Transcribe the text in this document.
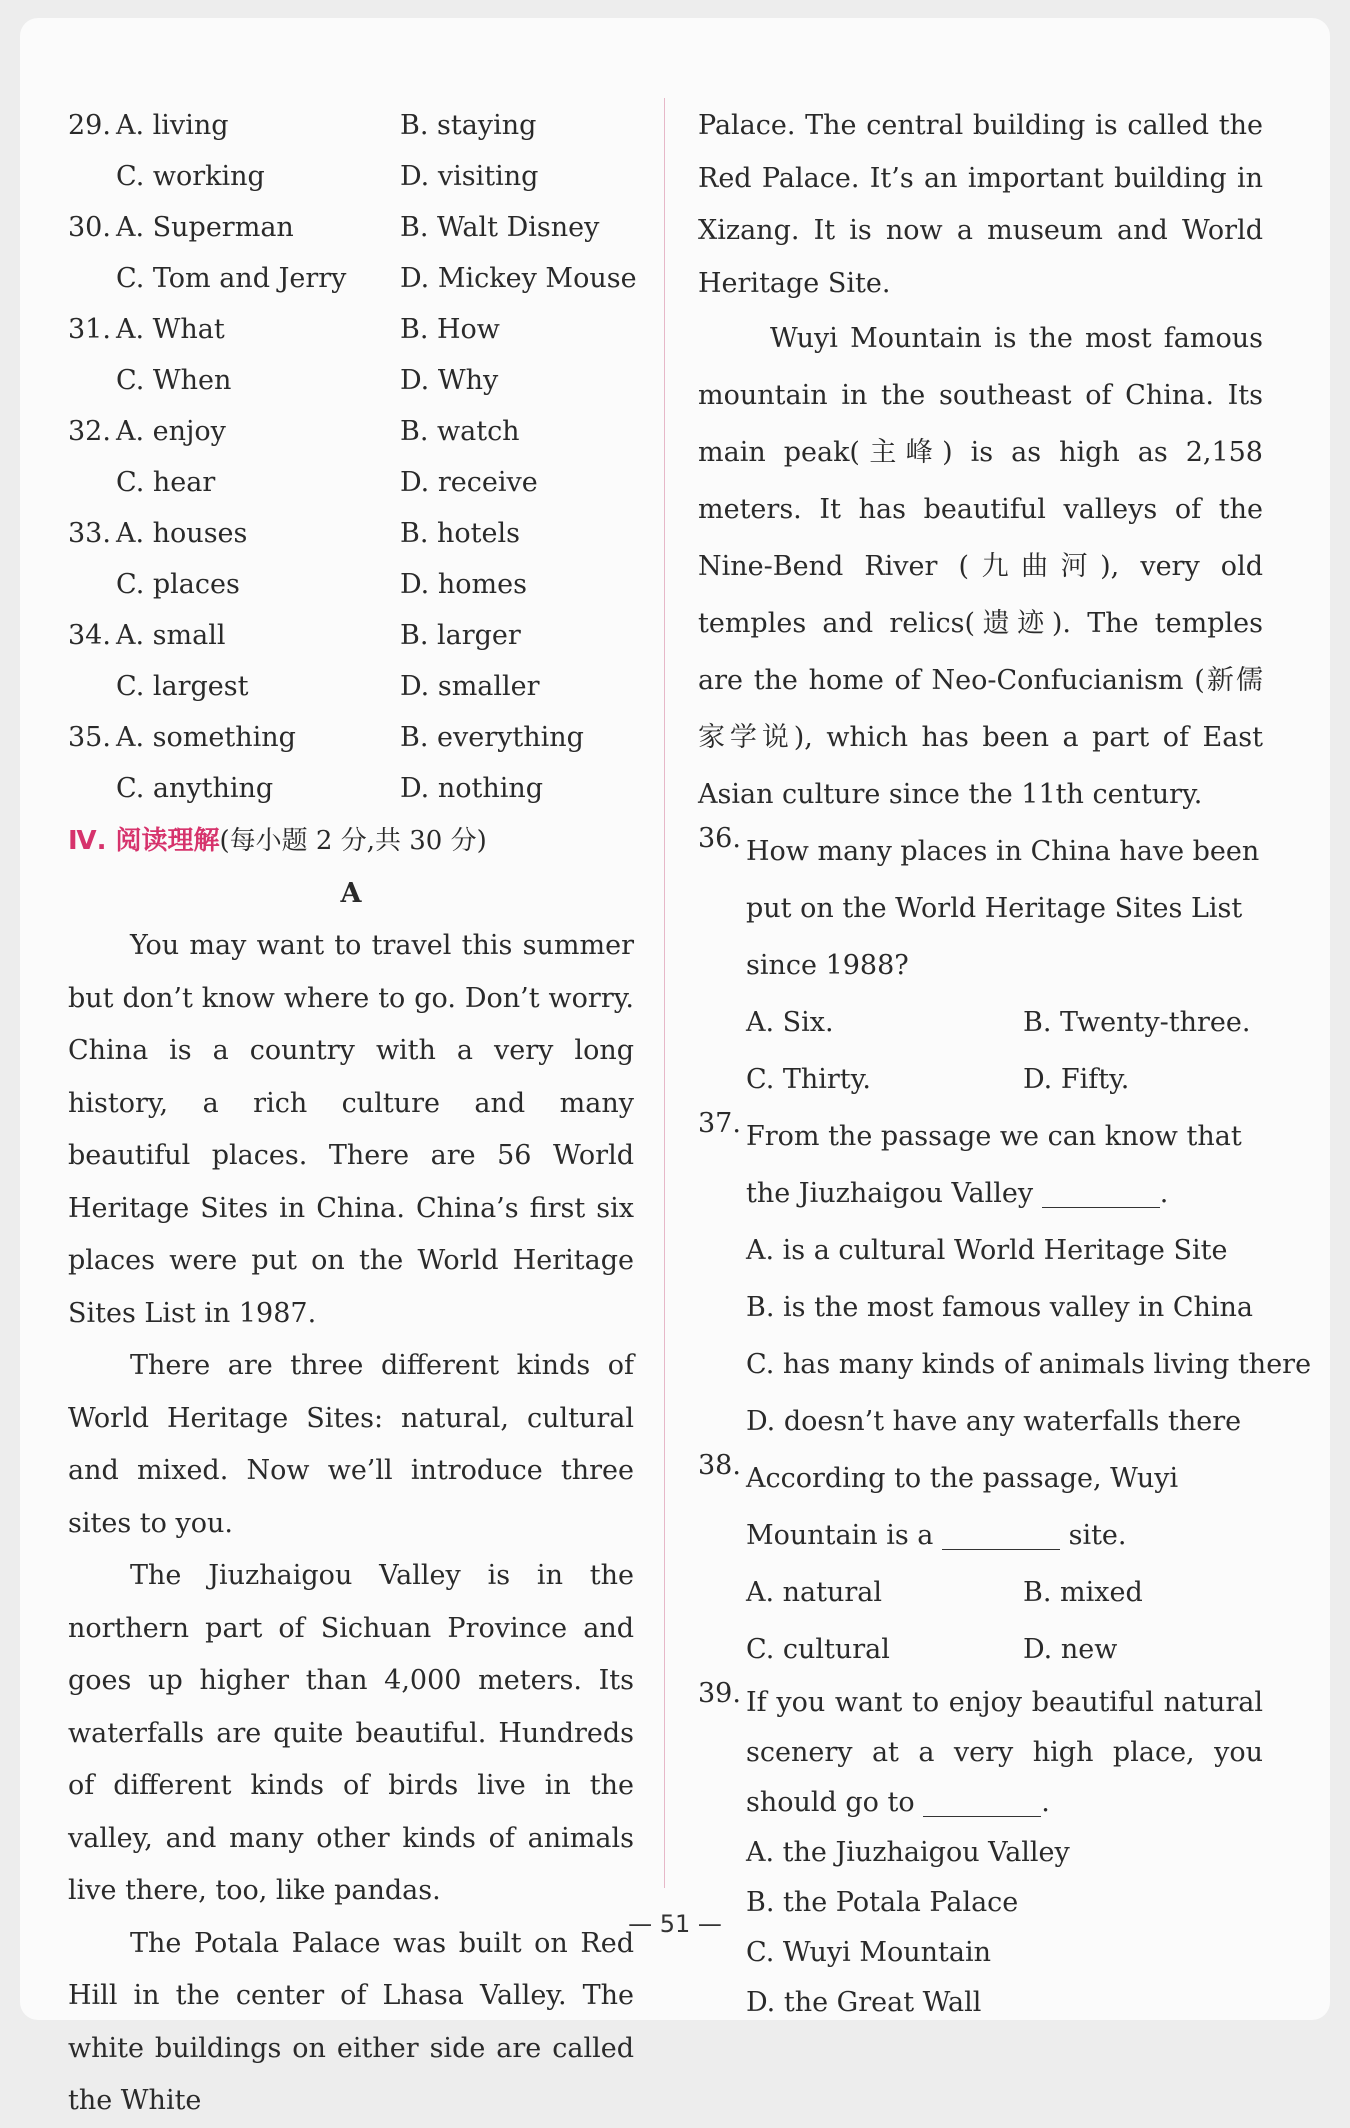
29. A. living	B. staying
C. working	D. visiting
30. A. Superman	B. Walt Disney
C. Tom and Jerry D. Mickey Mouse
31. A. What	B. How
C. When	D. Why
32. A. enjoy	B. watch
C. hear	D. receive
33. A. houses	B. hotels
C. places	D. homes
34. A. small	B. larger
C. largest	D. smaller
35. A. something	B. everything
C. anything	D. nothing
Ⅳ. 阅读理解(每小题 2 分,共 30 分)
A

You may want to travel this summer but don’t know where to go. Don’t worry. China is a country with a very long history, a rich culture and many beautiful places. There are 56 World Heritage Sites in China. China’s first six places were put on the World Heritage Sites List in 1987.

There are three different kinds of World Heritage Sites: natural, cultural and mixed. Now we’ll introduce three sites to you.

The Jiuzhaigou Valley is in the northern part of Sichuan Province and goes up higher than 4,000 meters. Its waterfalls are quite beautiful. Hundreds of different kinds of birds live in the valley, and many other kinds of animals live there, too, like pandas.

The Potala Palace was built on Red Hill in the center of Lhasa Valley. The white buildings on either side are called the White

Palace. The central building is called the Red Palace. It’s an important building in Xizang. It is now a museum and World Heritage Site.

Wuyi Mountain is the most famous mountain in the southeast of China. Its main peak(主峰) is as high as 2,158 meters. It has beautiful valleys of the Nine-Bend River (九曲河), very old temples and relics(遗迹). The temples are the home of Neo-Confucianism (新儒家学说), which has been a part of East Asian culture since the 11th century.

36. How many places in China have been put on the World Heritage Sites List since 1988?

A. Six.	B. Twenty-three.
C. Thirty.	D. Fifty.
37. From the passage we can know that the Jiuzhaigou Valley	.

A. is a cultural World Heritage Site
B. is the most famous valley in China
C. has many kinds of animals living there
D. doesn’t have any waterfalls there
38. According to the passage, Wuyi Mountain is a	site.

A. natural	B. mixed
C. cultural	D. new
39. If you want to enjoy beautiful natural scenery at a very high place, you should go to	.

A. the Jiuzhaigou Valley
B. the Potala Palace
C. Wuyi Mountain
D. the Great Wall
— 51 —
